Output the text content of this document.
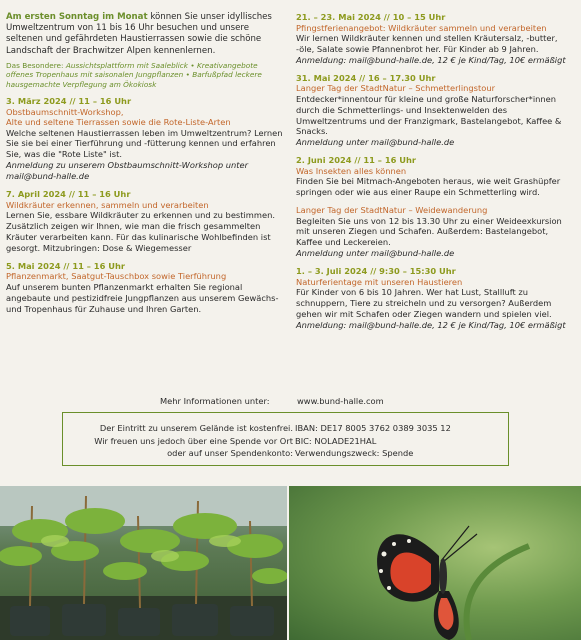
Am ersten Sonntag im Monat können Sie unser idyllisches Umweltzentrum von 11 bis 16 Uhr besuchen und unsere seltenen und gefährdeten Haustierrassen sowie die schöne Landschaft der Brachwitzer Alpen kennenlernen.

Das Besondere: Aussichtsplattform mit Saaleblick • Kreativangebote offenes Tropenhaus mit saisonalen Jungpflanzen • Barfußpfad leckere hausgemachte Verpflegung am Ökokiosk

3. März 2024 // 11 – 16 Uhr
Obstbaumschnitt-Workshop,
Alte und seltene Tierrassen sowie die Rote-Liste-Arten
Welche seltenen Haustierrassen leben im Umweltzentrum? Lernen Sie sie bei einer Tierführung und -fütterung kennen und erfahren Sie, was die "Rote Liste" ist.
Anmeldung zu unserem Obstbaumschnitt-Workshop unter mail@bund-halle.de
7. April 2024 // 11 – 16 Uhr
Wildkräuter erkennen, sammeln und verarbeiten
Lernen Sie, essbare Wildkräuter zu erkennen und zu bestimmen. Zusätzlich zeigen wir Ihnen, wie man die frisch gesammelten Kräuter verarbeiten kann. Für das kulinarische Wohlbefinden ist gesorgt. Mitzubringen: Dose & Wiegemesser
5. Mai 2024 // 11 – 16 Uhr
Pflanzenmarkt, Saatgut-Tauschbox sowie Tierführung
Auf unserem bunten Pflanzenmarkt erhalten Sie regional angebaute und pestizidfreie Jungpflanzen aus unserem Gewächs- und Tropenhaus für Zuhause und Ihren Garten.
21. – 23. Mai 2024 // 10 – 15 Uhr
Pfingstferienangebot: Wildkräuter sammeln und verarbeiten
Wir lernen Wildkräuter kennen und stellen Kräutersalz, -butter, -öle, Salate sowie Pfannenbrot her. Für Kinder ab 9 Jahren.
Anmeldung: mail@bund-halle.de, 12 € je Kind/Tag, 10€ ermäßigt
31. Mai 2024 // 16 – 17.30 Uhr
Langer Tag der StadtNatur – Schmetterlingstour
Entdecker*innentour für kleine und große Naturforscher*innen durch die Schmetterlings- und Insektenwelden des Umweltzentrums und der Franzigmark, Bastelangebot, Kaffee & Snacks.
Anmeldung unter mail@bund-halle.de
2. Juni 2024 // 11 – 16 Uhr
Was Insekten alles können
Finden Sie bei Mitmach-Angeboten heraus, wie weit Grashüpfer springen oder wie aus einer Raupe ein Schmetterling wird.
Langer Tag der StadtNatur – Weidewanderung
Begleiten Sie uns von 12 bis 13.30 Uhr zu einer Weideexkursion mit unseren Ziegen und Schafen. Außerdem: Bastelangebot, Kaffee und Leckereien.
Anmeldung unter mail@bund-halle.de
1. – 3. Juli 2024 // 9:30 – 15:30 Uhr
Naturferientage mit unseren Haustieren
Für Kinder von 6 bis 10 Jahren. Wer hat Lust, Stallluft zu schnuppern, Tiere zu streicheln und zu versorgen? Außerdem gehen wir mit Schafen oder Ziegen wandern und spielen viel.
Anmeldung: mail@bund-halle.de, 12 € je Kind/Tag, 10€ ermäßigt
Mehr Informationen unter:	www.bund-halle.com
Der Eintritt zu unserem Gelände ist kostenfrei.
Wir freuen uns jedoch über eine Spende vor Ort
oder auf unser Spendenkonto:
IBAN: DE17 8005 3762 0389 3035 12
BIC: NOLADE21HAL
Verwendungszweck: Spende
